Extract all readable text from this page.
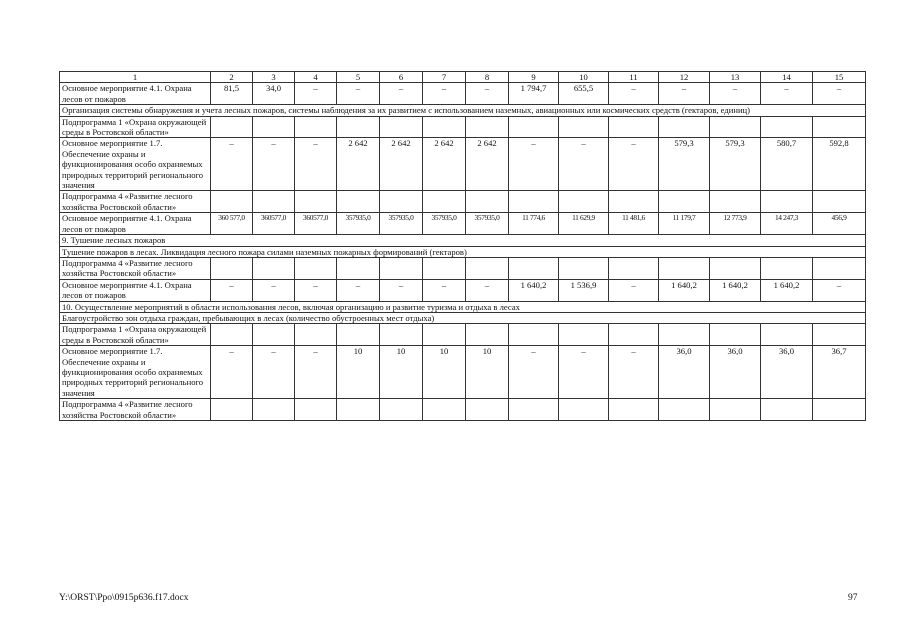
1	2	3	4	5	6	7	8	9	10	11	12	13	14	15
Основное мероприятие 4.1. Охрана лесов от пожаров	81,5	34,0	–	–	–	–	–	1 794,7	655,5	–	–	–	–	–
Организация системы обнаружения и учета лесных пожаров, системы наблюдения за их развитием с использованием наземных, авиационных или космических средств (гектаров, единиц)														
Подпрограмма 1 «Охрана окружающей среды в Ростовской области»														
Основное мероприятие 1.7. Обеспечение охраны и функционирования особо охраняемых природных территорий регионального значения	–	–	–	2 642	2 642	2 642	2 642	–	–	–	579,3	579,3	580,7	592,8
Подпрограмма 4 «Развитие лесного хозяйства Ростовской области»														
Основное мероприятие 4.1. Охрана лесов от пожаров	360 577,0	360577,0	360577,0	357935,0	357935,0	357935,0	357935,0	11 774,6	11 629,9	11 481,6	11 179,7	12 773,9	14 247,3	456,9
9. Тушение лесных пожаров														
Тушение пожаров в лесах. Ликвидация лесного пожара силами наземных пожарных формирований (гектаров)														
Подпрограмма 4 «Развитие лесного хозяйства Ростовской области»														
Основное мероприятие 4.1. Охрана лесов от пожаров	–	–	–	–	–	–	–	1 640,2	1 536,9	–	1 640,2	1 640,2	1 640,2	–
10. Осуществление мероприятий в области использования лесов, включая организацию и развитие туризма и отдыха в лесах														
Благоустройство зон отдыха граждан, пребывающих в лесах (количество обустроенных мест отдыха)														
Подпрограмма 1 «Охрана окружающей среды в Ростовской области»														
Основное мероприятие 1.7. Обеспечение охраны и функционирования особо охраняемых природных территорий регионального значения	–	–	–	10	10	10	10	–	–	–	36,0	36,0	36,0	36,7
Подпрограмма 4 «Развитие лесного хозяйства Ростовской области»														
Y:\ORST\Ppo\0915p636.f17.docx	97
